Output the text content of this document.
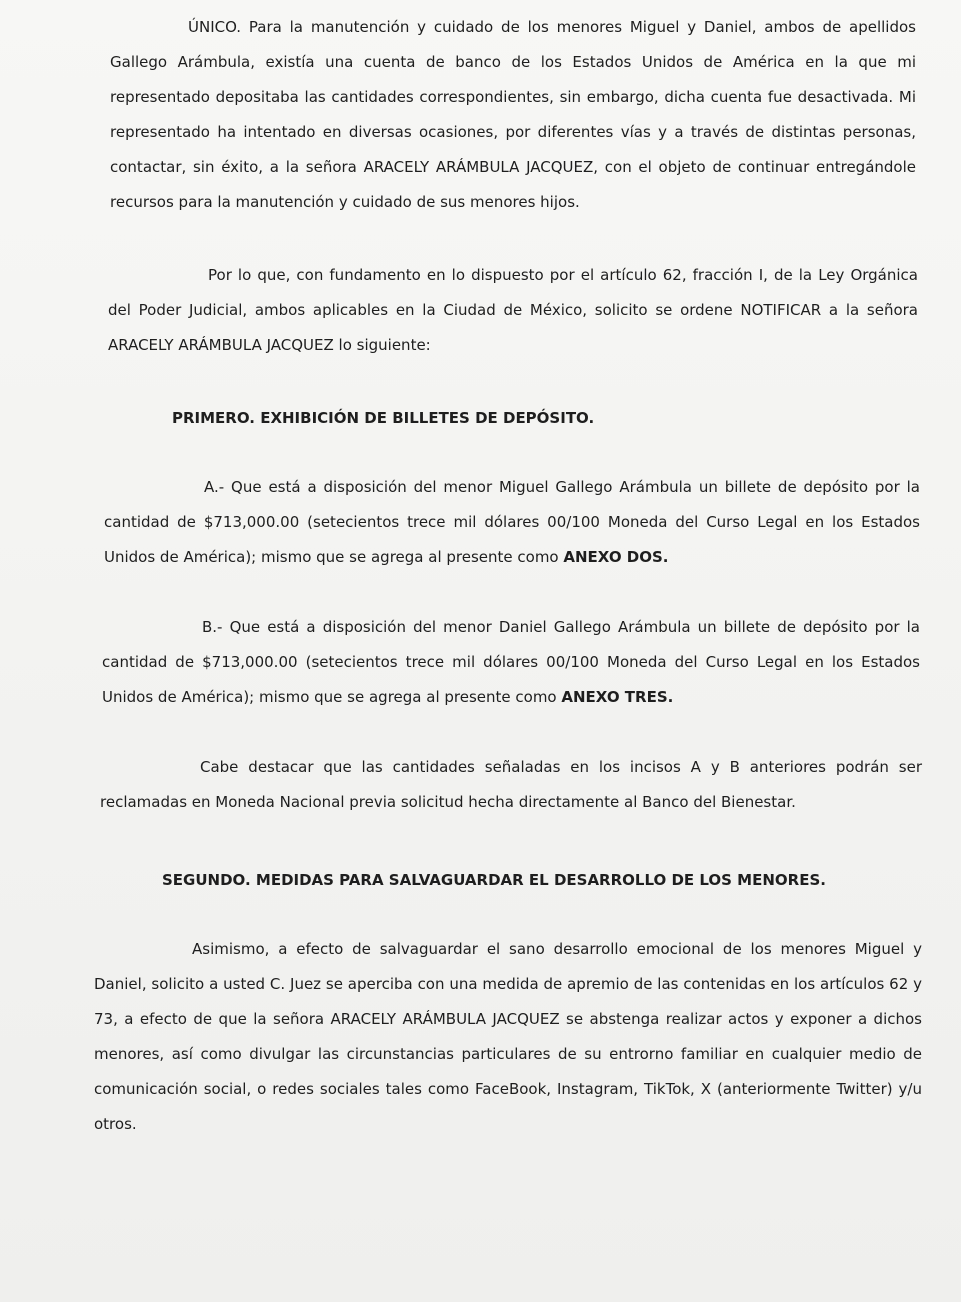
ÚNICO. Para la manutención y cuidado de los menores Miguel y Daniel, ambos de apellidos Gallego Arámbula, existía una cuenta de banco de los Estados Unidos de América en la que mi representado depositaba las cantidades correspondientes, sin embargo, dicha cuenta fue desactivada. Mi representado ha intentado en diversas ocasiones, por diferentes vías y a través de distintas personas, contactar, sin éxito, a la señora ARACELY ARÁMBULA JACQUEZ, con el objeto de continuar entregándole recursos para la manutención y cuidado de sus menores hijos.

Por lo que, con fundamento en lo dispuesto por el artículo 62, fracción I, de la Ley Orgánica del Poder Judicial, ambos aplicables en la Ciudad de México, solicito se ordene NOTIFICAR a la señora ARACELY ARÁMBULA JACQUEZ lo siguiente:

PRIMERO. EXHIBICIÓN DE BILLETES DE DEPÓSITO.

A.- Que está a disposición del menor Miguel Gallego Arámbula un billete de depósito por la cantidad de $713,000.00 (setecientos trece mil dólares 00/100 Moneda del Curso Legal en los Estados Unidos de América); mismo que se agrega al presente como ANEXO DOS.

B.- Que está a disposición del menor Daniel Gallego Arámbula un billete de depósito por la cantidad de $713,000.00 (setecientos trece mil dólares 00/100 Moneda del Curso Legal en los Estados Unidos de América); mismo que se agrega al presente como ANEXO TRES.

Cabe destacar que las cantidades señaladas en los incisos A y B anteriores podrán ser reclamadas en Moneda Nacional previa solicitud hecha directamente al Banco del Bienestar.

SEGUNDO. MEDIDAS PARA SALVAGUARDAR EL DESARROLLO DE LOS MENORES.

Asimismo, a efecto de salvaguardar el sano desarrollo emocional de los menores Miguel y Daniel, solicito a usted C. Juez se aperciba con una medida de apremio de las contenidas en los artículos 62 y 73, a efecto de que la señora ARACELY ARÁMBULA JACQUEZ se abstenga realizar actos y exponer a dichos menores, así como divulgar las circunstancias particulares de su entrorno familiar en cualquier medio de comunicación social, o redes sociales tales como FaceBook, Instagram, TikTok, X (anteriormente Twitter) y/u otros.
